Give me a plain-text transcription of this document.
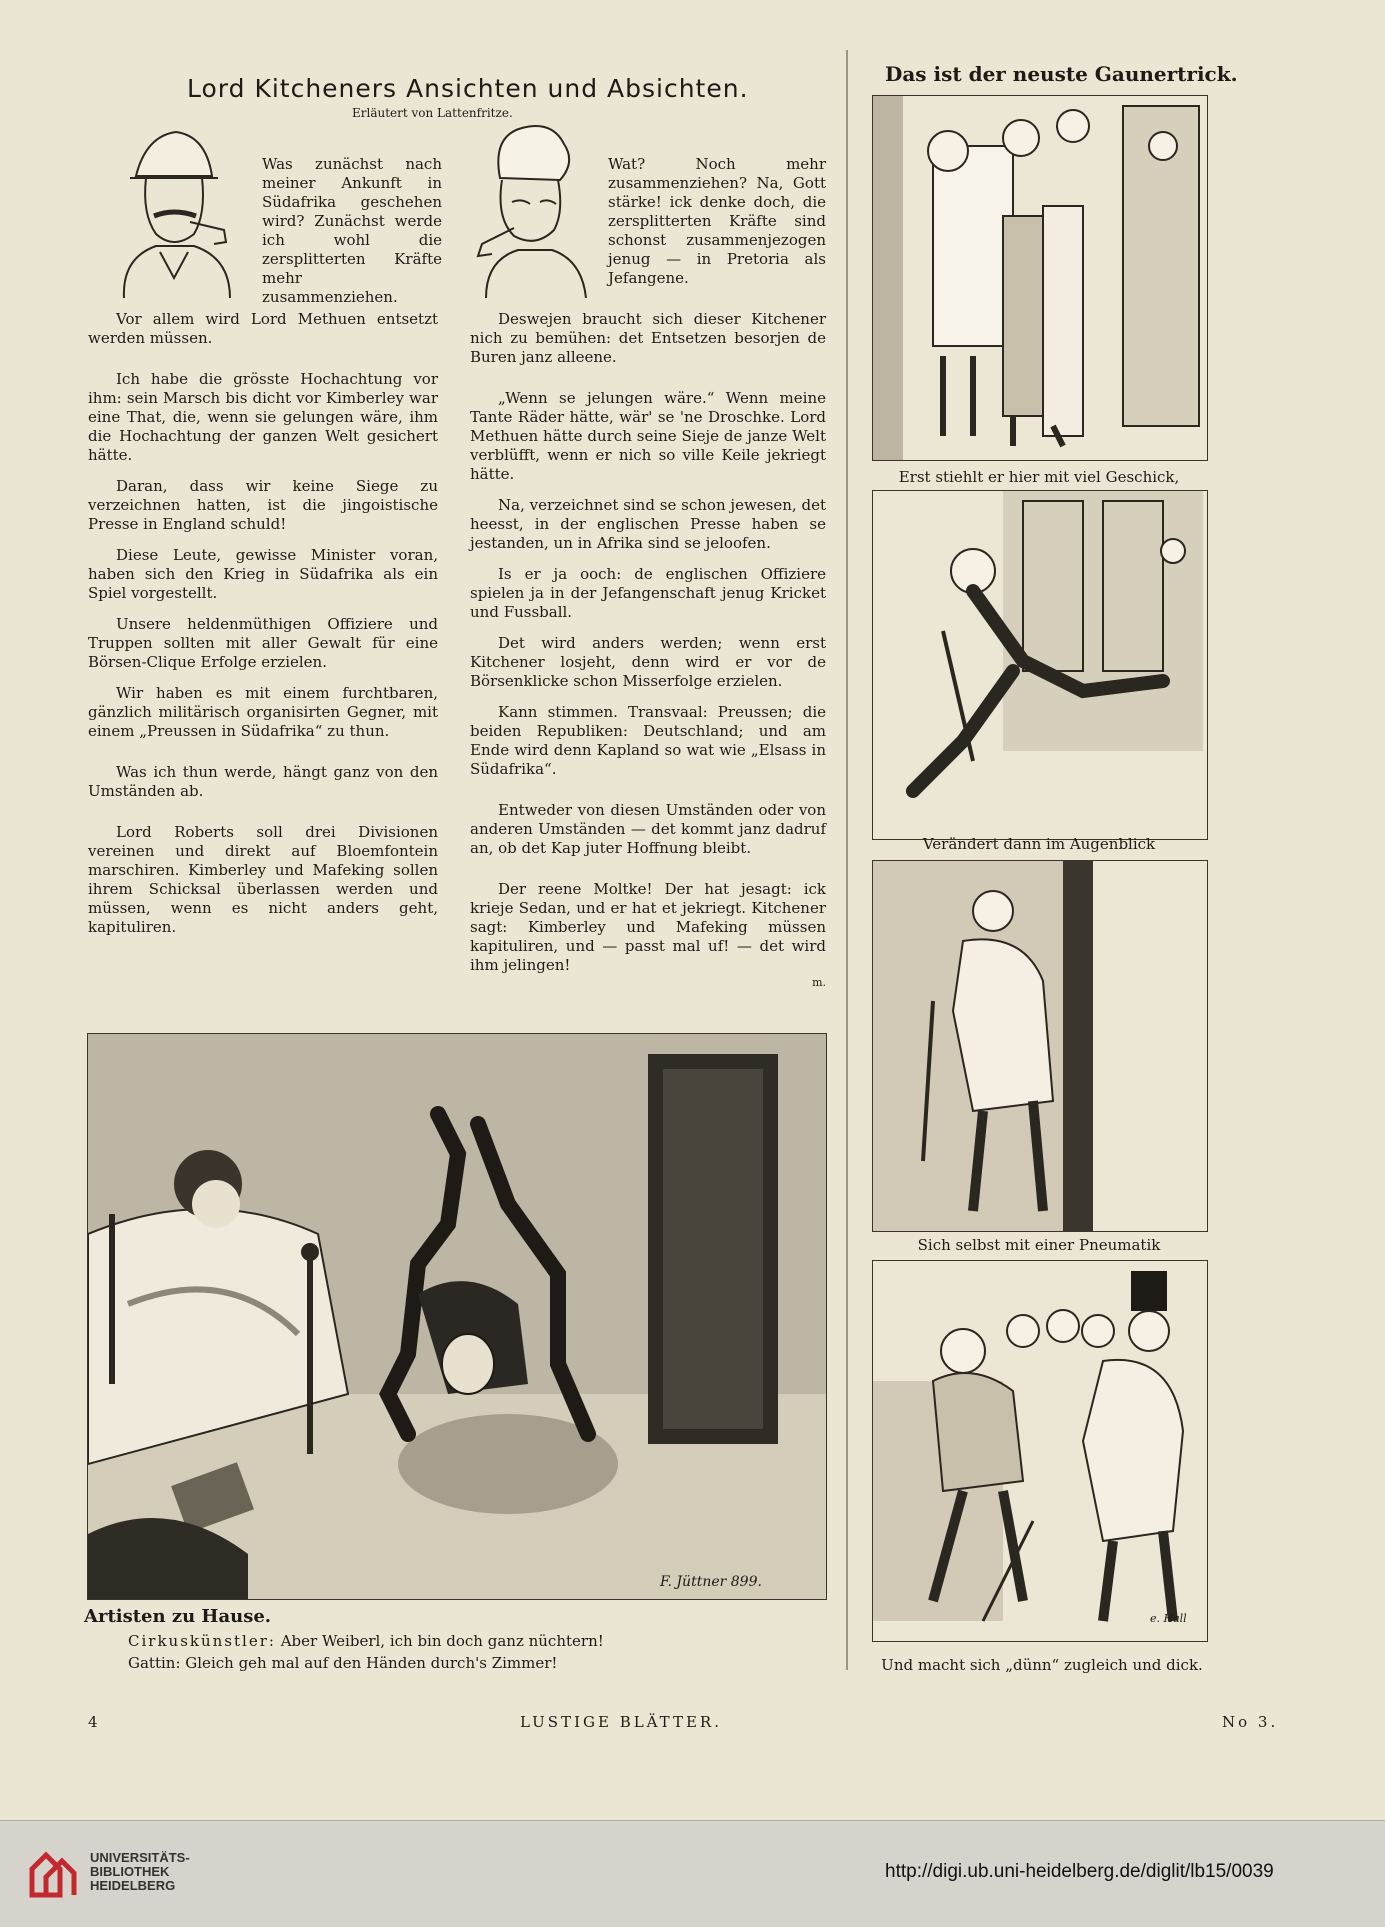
Lord Kitcheners Ansichten und Absichten.
Erläutert von Lattenfritze.
Was zunächst nach meiner Ankunft in Südafrika geschehen wird? Zunächst werde ich wohl die zersplitterten Kräfte mehr zusammenziehen.
Wat? Noch mehr zusammenziehen? Na, Gott stärke! ick denke doch, die zersplitterten Kräfte sind schonst zusammenjezogen jenug — in Pretoria als Jefangene.

Vor allem wird Lord Methuen entsetzt werden müssen.

Ich habe die grösste Hochachtung vor ihm: sein Marsch bis dicht vor Kimberley war eine That, die, wenn sie gelungen wäre, ihm die Hochachtung der ganzen Welt gesichert hätte.

Daran, dass wir keine Siege zu verzeichnen hatten, ist die jingoistische Presse in England schuld!

Diese Leute, gewisse Minister voran, haben sich den Krieg in Südafrika als ein Spiel vorgestellt.

Unsere heldenmüthigen Offiziere und Truppen sollten mit aller Gewalt für eine Börsen-Clique Erfolge erzielen.

Wir haben es mit einem furchtbaren, gänzlich militärisch organisirten Gegner, mit einem „Preussen in Südafrika“ zu thun.

Was ich thun werde, hängt ganz von den Umständen ab.

Lord Roberts soll drei Divisionen vereinen und direkt auf Bloemfontein marschiren. Kimberley und Mafeking sollen ihrem Schicksal überlassen werden und müssen, wenn es nicht anders geht, kapituliren.

Deswejen braucht sich dieser Kitchener nich zu bemühen: det Entsetzen besorjen de Buren janz alleene.

„Wenn se jelungen wäre.“ Wenn meine Tante Räder hätte, wär' se 'ne Droschke. Lord Methuen hätte durch seine Sieje de janze Welt verblüfft, wenn er nich so ville Keile jekriegt hätte.

Na, verzeichnet sind se schon jewesen, det heesst, in der englischen Presse haben se jestanden, un in Afrika sind se jeloofen.

Is er ja ooch: de englischen Offiziere spielen ja in der Jefangenschaft jenug Kricket und Fussball.

Det wird anders werden; wenn erst Kitchener losjeht, denn wird er vor de Börsenklicke schon Misserfolge erzielen.

Kann stimmen. Transvaal: Preussen; die beiden Republiken: Deutschland; und am Ende wird denn Kapland so wat wie „Elsass in Südafrika“.

Entweder von diesen Umständen oder von anderen Umständen — det kommt janz dadruf an, ob det Kap juter Hoffnung bleibt.

Der reene Moltke! Der hat jesagt: ick krieje Sedan, und er hat et jekriegt. Kitchener sagt: Kimberley und Mafeking müssen kapituliren, und — passt mal uf! — det wird ihm jelingen!

m.
F. Jüttner 899.
Artisten zu Hause.
Cirkuskünstler: Aber Weiberl, ich bin doch ganz nüchtern!
Gattin: Gleich geh mal auf den Händen durch's Zimmer!
Das ist der neuste Gaunertrick.
Erst stiehlt er hier mit viel Geschick,
Verändert dann im Augenblick
Sich selbst mit einer Pneumatik
e. Hall
Und macht sich „dünn“ zugleich und dick.
4	LUSTIGE BLÄTTER.	No 3.
UNIVERSITÄTS-
BIBLIOTHEK
HEIDELBERG
http://digi.ub.uni-heidelberg.de/diglit/lb15/0039
